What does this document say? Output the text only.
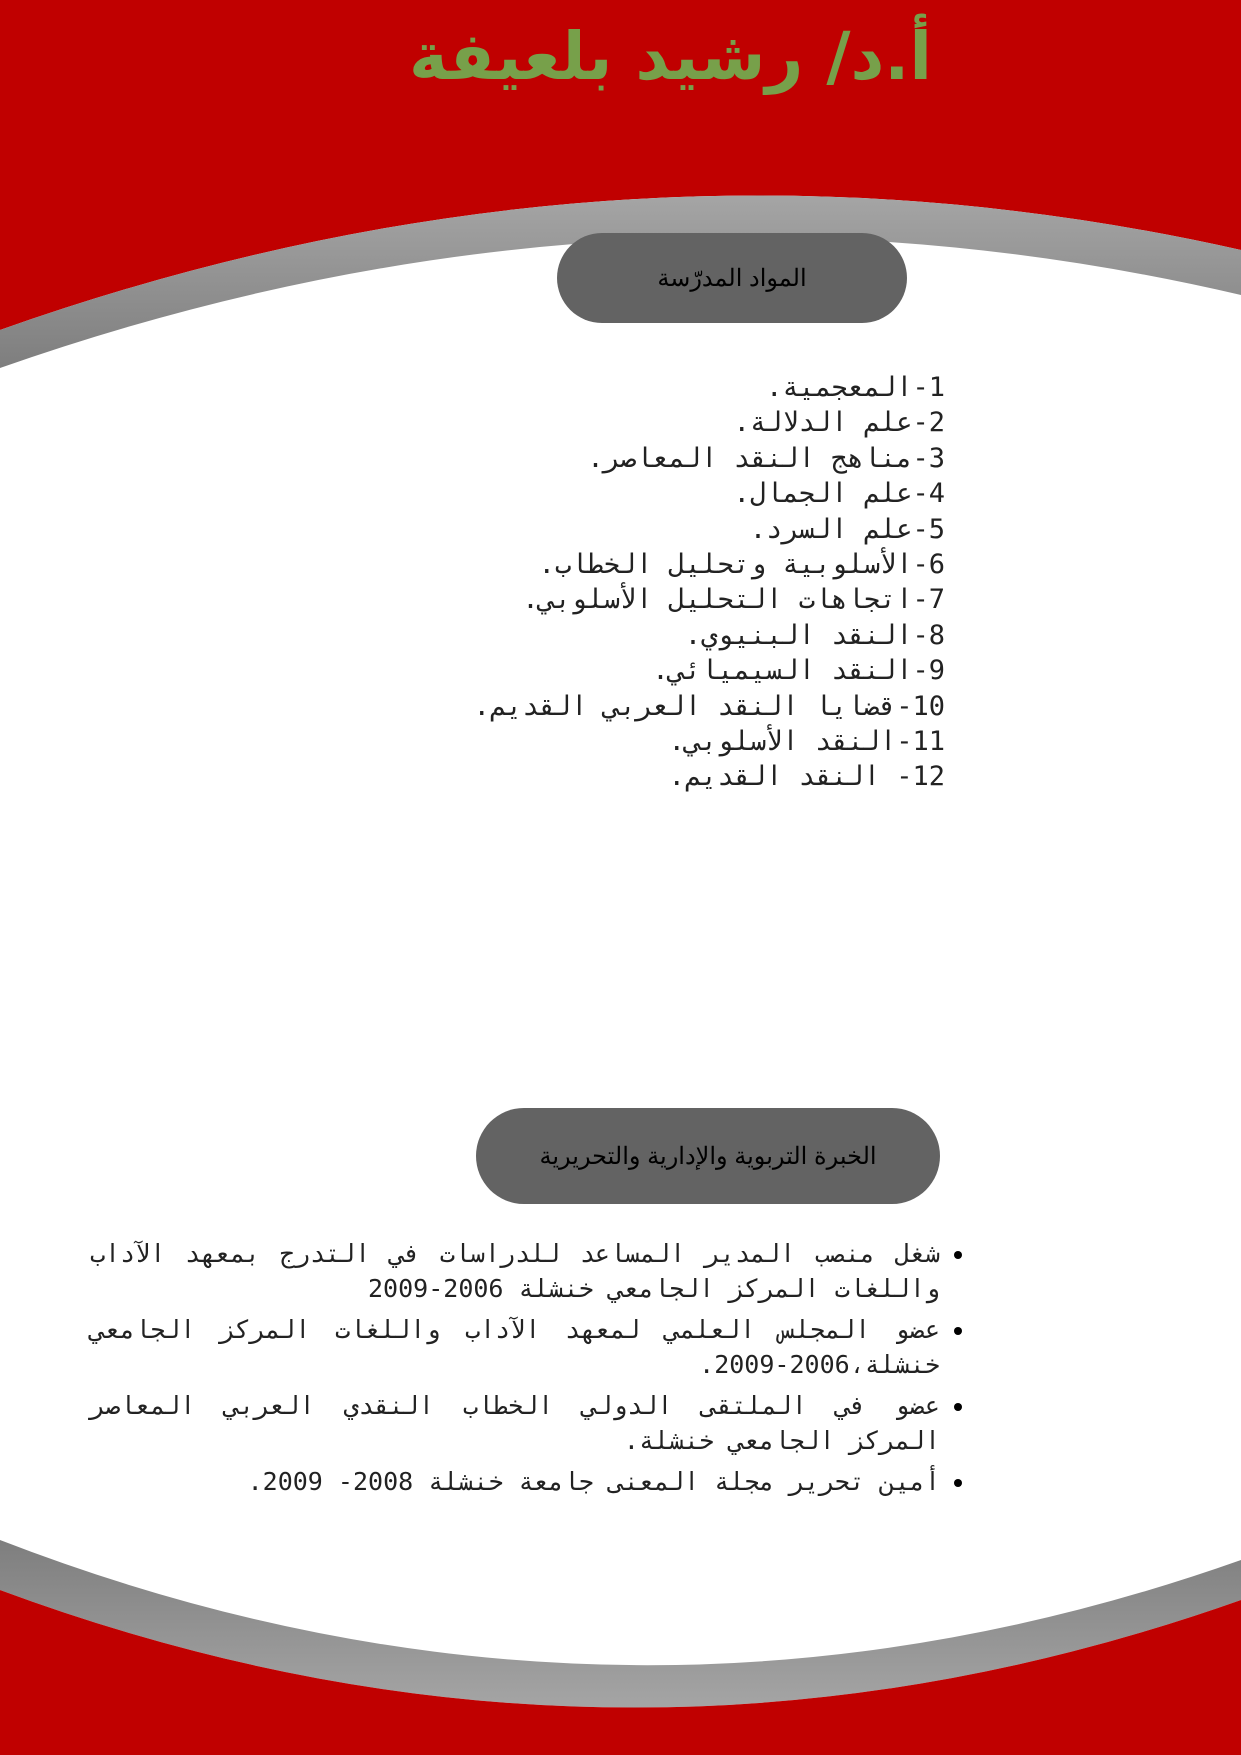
أ.د/ رشيد بلعيفة
المواد المدرّسة
1-المعجمية.
2-علم الدلالة.
3-مناهج النقد المعاصر.
4-علم الجمال.
5-علم السرد.
6-الأسلوبية وتحليل الخطاب.
7-اتجاهات التحليل الأسلوبي.
8-النقد البنيوي.
9-النقد السيميائي.
10-قضايا النقد العربي القديم.
11-النقد الأسلوبي.
12- النقد القديم.
الخبرة التربوية والإدارية والتحريرية
• شغل منصب المدير المساعد للدراسات في التدرج بمعهد الآداب واللغات المركز الجامعي خنشلة 2006-2009
• عضو المجلس العلمي لمعهد الآداب واللغات المركز الجامعي خنشلة،2006-2009.
• عضو في الملتقى الدولي الخطاب النقدي العربي المعاصر المركز الجامعي خنشلة.
• أمين تحرير مجلة المعنى جامعة خنشلة 2008- 2009.
